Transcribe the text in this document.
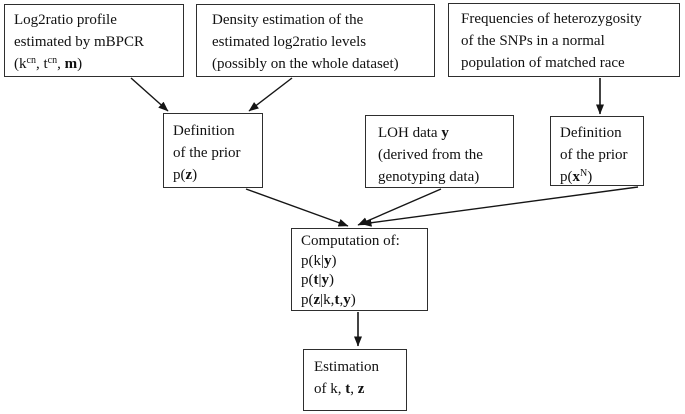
Log2ratio profile
estimated by mBPCR
($k^{cn}$, $t^{cn}$, m)
Density estimation of the
estimated log2ratio levels
(possibly on the whole dataset)
Frequencies of heterozygosity
of the SNPs in a normal
population of matched race
Definition
of the prior
p(z)
LOH data y
(derived from the
genotyping data)
Definition
of the prior
$p(x^N)$
Computation of:
p(k|y)
p(t|y)
p(z|k,t,y)
Estimation
of k, t, z
